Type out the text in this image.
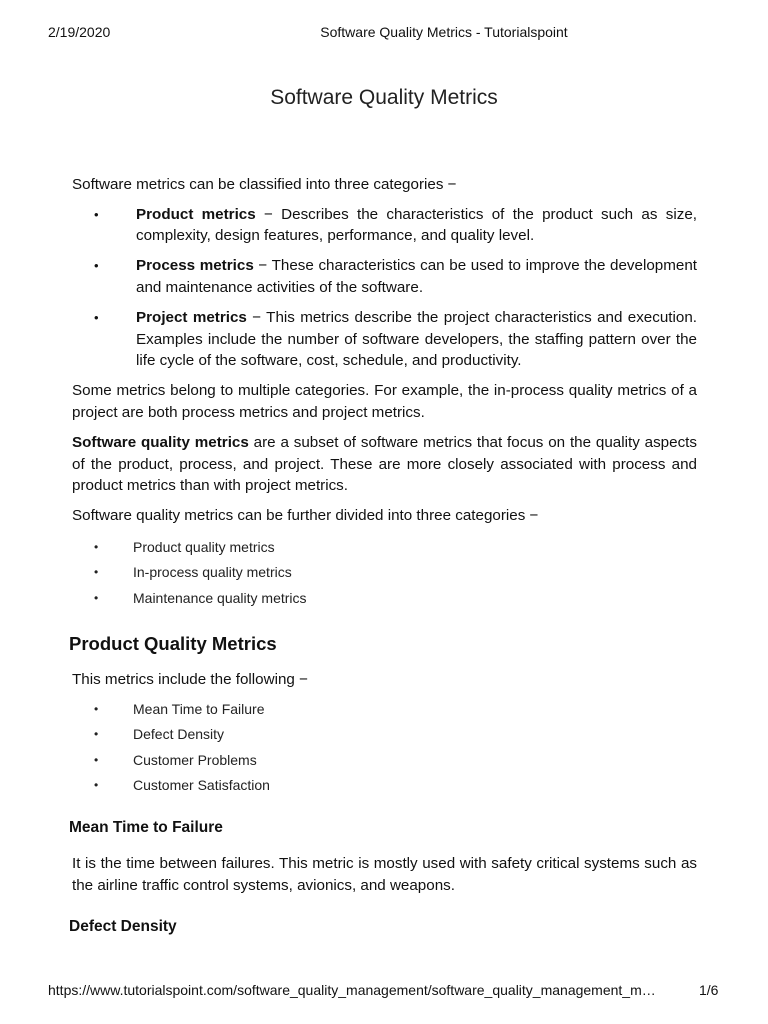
2/19/2020	Software Quality Metrics - Tutorialspoint
Software Quality Metrics

Software metrics can be classified into three categories −

• Product metrics − Describes the characteristics of the product such as size, complexity, design features, performance, and quality level.
• Process metrics − These characteristics can be used to improve the development and maintenance activities of the software.
• Project metrics − This metrics describe the project characteristics and execution. Examples include the number of software developers, the staffing pattern over the life cycle of the software, cost, schedule, and productivity.

Some metrics belong to multiple categories. For example, the in-process quality metrics of a project are both process metrics and project metrics.

Software quality metrics are a subset of software metrics that focus on the quality aspects of the product, process, and project. These are more closely associated with process and product metrics than with project metrics.

Software quality metrics can be further divided into three categories −

• Product quality metrics
• In-process quality metrics
• Maintenance quality metrics
Product Quality Metrics

This metrics include the following −

• Mean Time to Failure
• Defect Density
• Customer Problems
• Customer Satisfaction
Mean Time to Failure

It is the time between failures. This metric is mostly used with safety critical systems such as the airline traffic control systems, avionics, and weapons.

Defect Density
https://www.tutorialspoint.com/software_quality_management/software_quality_management_m…	1/6
